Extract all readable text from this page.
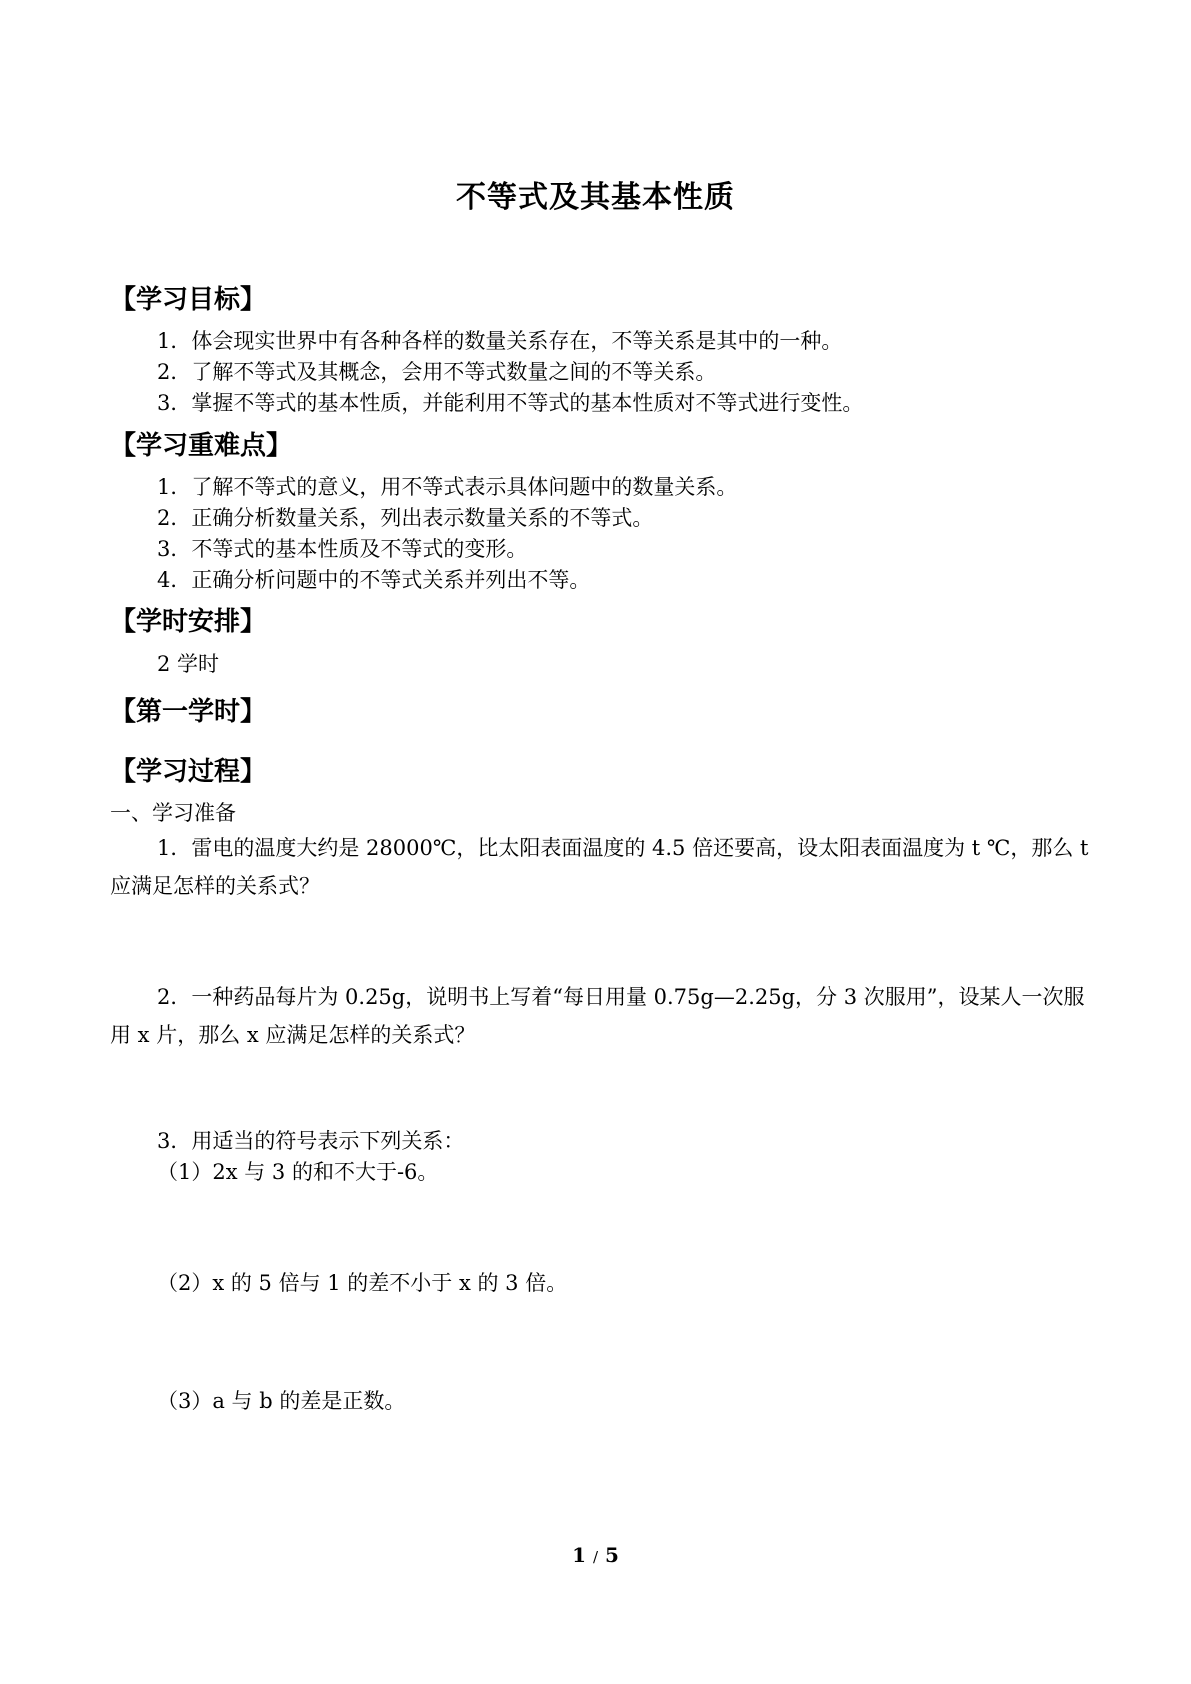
不等式及其基本性质
【学习目标】
1．体会现实世界中有各种各样的数量关系存在，不等关系是其中的一种。
2．了解不等式及其概念，会用不等式数量之间的不等关系。
3．掌握不等式的基本性质，并能利用不等式的基本性质对不等式进行变性。
【学习重难点】
1．了解不等式的意义，用不等式表示具体问题中的数量关系。
2．正确分析数量关系，列出表示数量关系的不等式。
3．不等式的基本性质及不等式的变形。
4．正确分析问题中的不等式关系并列出不等。
【学时安排】
2 学时
【第一学时】
【学习过程】
一、学习准备
1．雷电的温度大约是 28000℃，比太阳表面温度的 4.5 倍还要高，设太阳表面温度为 t ℃，那么 t 应满足怎样的关系式？
2．一种药品每片为 0.25g，说明书上写着“每日用量 0.75g—2.25g，分 3 次服用”，设某人一次服用 x 片，那么 x 应满足怎样的关系式？
3．用适当的符号表示下列关系：
（1）2x 与 3 的和不大于-6。
（2）x 的 5 倍与 1 的差不小于 x 的 3 倍。
（3）a 与 b 的差是正数。
1 / 5
